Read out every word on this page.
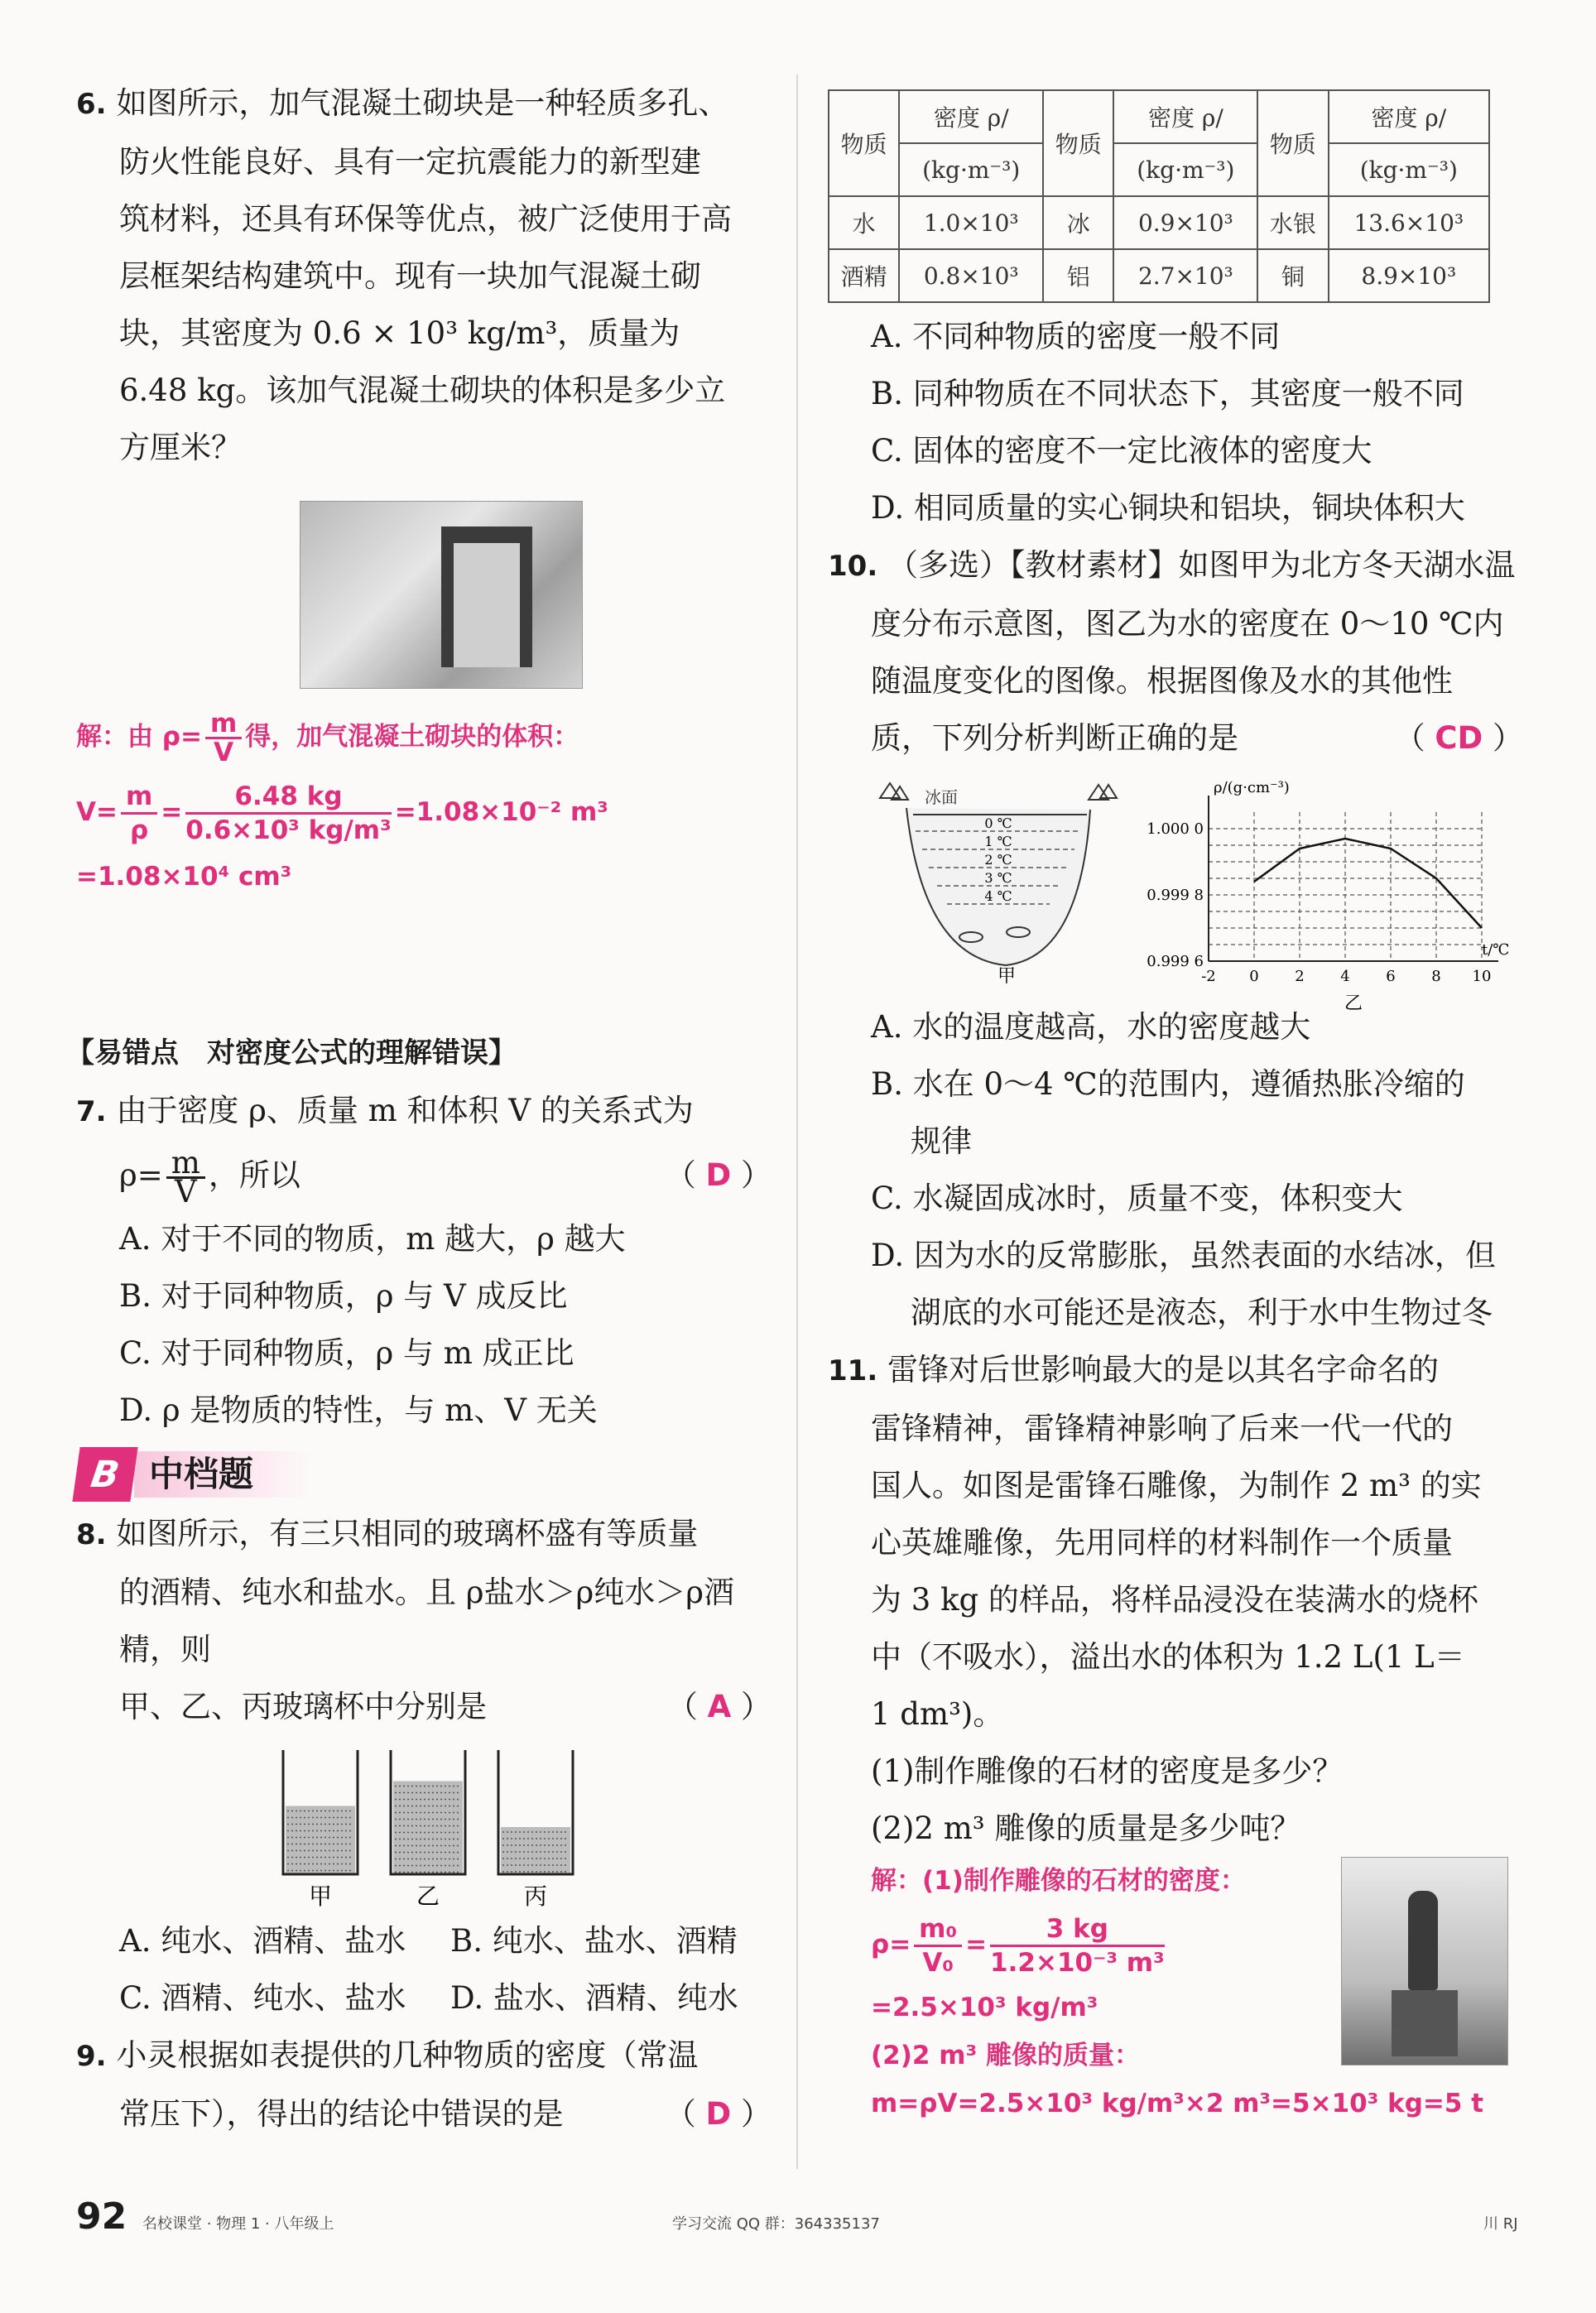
6. 如图所示，加气混凝土砌块是一种轻质多孔、
防火性能良好、具有一定抗震能力的新型建
筑材料，还具有环保等优点，被广泛使用于高
层框架结构建筑中。现有一块加气混凝土砌
块，其密度为 0.6 × 10³ kg/m³，质量为
6.48 kg。该加气混凝土砌块的体积是多少立
方厘米？
解：由 $\rho= \frac{m}{V}$ 得，加气混凝土砌块的体积：
$V= \frac{m}{\rho} = \frac{6.48 kg}{\text{0.6×10³ kg/m³}} =1.08\times 10^{-2}$ m³
=1.08×10⁴ cm³
【易错点　对密度公式的理解错误】
7. 由于密度 ρ、质量 m 和体积 V 的关系式为
$\rho= \frac{m}{V}$ ，所以	（ D ）
A. 对于不同的物质，m 越大，ρ 越大
B. 对于同种物质，ρ 与 V 成反比
C. 对于同种物质，ρ 与 m 成正比
D. ρ 是物质的特性，与 m、V 无关
B 中档题
8. 如图所示，有三只相同的玻璃杯盛有等质量
的酒精、纯水和盐水。且 ρ盐水＞ρ纯水＞ρ酒精，则
甲、乙、丙玻璃杯中分别是	（ A ）
甲	乙	丙
A. 纯水、酒精、盐水	B. 纯水、盐水、酒精
C. 酒精、纯水、盐水	D. 盐水、酒精、纯水
9. 小灵根据如表提供的几种物质的密度（常温
常压下），得出的结论中错误的是	（ D ）
物质	密度 ρ/	物质	密度 ρ/	物质	密度 ρ/
	(kg·m⁻³)		(kg·m⁻³)		(kg·m⁻³)
水	1.0×10³	冰	0.9×10³	水银	13.6×10³
酒精	0.8×10³	铝	2.7×10³	铜	8.9×10³
A. 不同种物质的密度一般不同
B. 同种物质在不同状态下，其密度一般不同
C. 固体的密度不一定比液体的密度大
D. 相同质量的实心铜块和铝块，铜块体积大
10. （多选）【教材素材】如图甲为北方冬天湖水温
度分布示意图，图乙为水的密度在 0～10 ℃内
随温度变化的图像。根据图像及水的其他性
质，下列分析判断正确的是	（ CD ）
冰面
0 ℃
1 ℃
2 ℃
3 ℃
4 ℃
甲
ρ/(g·cm⁻³)
t/℃
-2 0 2 4 6 8 10
1.000 0
0.999 8
0.999 6
乙
A. 水的温度越高，水的密度越大
B. 水在 0～4 ℃的范围内，遵循热胀冷缩的
规律
C. 水凝固成冰时，质量不变，体积变大
D. 因为水的反常膨胀，虽然表面的水结冰，但
湖底的水可能还是液态，利于水中生物过冬
11. 雷锋对后世影响最大的是以其名字命名的
雷锋精神，雷锋精神影响了后来一代一代的
国人。如图是雷锋石雕像，为制作 2 m³ 的实
心英雄雕像，先用同样的材料制作一个质量
为 3 kg 的样品，将样品浸没在装满水的烧杯
中（不吸水），溢出水的体积为 1.2 L(1 L＝
1 dm³)。
(1)制作雕像的石材的密度是多少？
(2)2 m³ 雕像的质量是多少吨？
解：(1)制作雕像的石材的密度：
$\rho= \frac{\text{m₀}}{\text{V₀}} = \frac{3 kg}{\text{1.2×10⁻³ m³}}$
=2.5×10³ kg/m³
(2)2 m³ 雕像的质量：
m=ρV=2.5×10³ kg/m³×2 m³=5×10³ kg=5 t
92 名校课堂 · 物理 1 · 八年级上	学习交流 QQ 群：364335137	川 RJ
